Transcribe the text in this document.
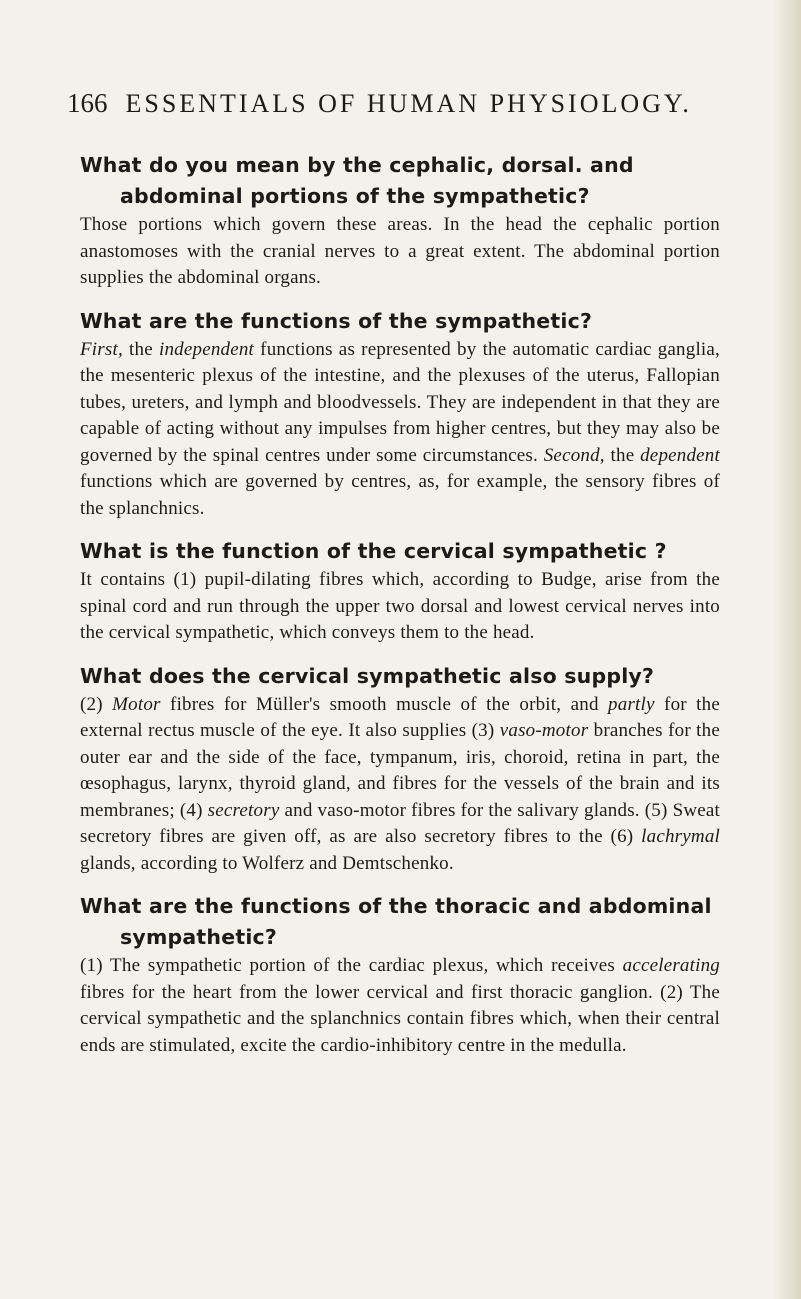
166 ESSENTIALS OF HUMAN PHYSIOLOGY.

What do you mean by the cephalic, dorsal. and abdominal portions of the sympathetic?

Those portions which govern these areas. In the head the cephalic portion anastomoses with the cranial nerves to a great extent. The abdominal portion supplies the abdominal organs.

What are the functions of the sympathetic?

First, the independent functions as represented by the automatic cardiac ganglia, the mesenteric plexus of the intestine, and the plexuses of the uterus, Fallopian tubes, ureters, and lymph and bloodvessels. They are independent in that they are capable of acting without any impulses from higher centres, but they may also be governed by the spinal centres under some circumstances. Second, the dependent functions which are governed by centres, as, for example, the sensory fibres of the splanchnics.

What is the function of the cervical sympathetic ?

It contains (1) pupil-dilating fibres which, according to Budge, arise from the spinal cord and run through the upper two dorsal and lowest cervical nerves into the cervical sympathetic, which conveys them to the head.

What does the cervical sympathetic also supply?

(2) Motor fibres for Müller's smooth muscle of the orbit, and partly for the external rectus muscle of the eye. It also supplies (3) vaso-motor branches for the outer ear and the side of the face, tympanum, iris, choroid, retina in part, the œsophagus, larynx, thyroid gland, and fibres for the vessels of the brain and its membranes; (4) secretory and vaso-motor fibres for the salivary glands. (5) Sweat secretory fibres are given off, as are also secretory fibres to the (6) lachrymal glands, according to Wolferz and Demtschenko.

What are the functions of the thoracic and abdominal sympathetic?

(1) The sympathetic portion of the cardiac plexus, which receives accelerating fibres for the heart from the lower cervical and first thoracic ganglion. (2) The cervical sympathetic and the splanchnics contain fibres which, when their central ends are stimulated, excite the cardio-inhibitory centre in the medulla.
